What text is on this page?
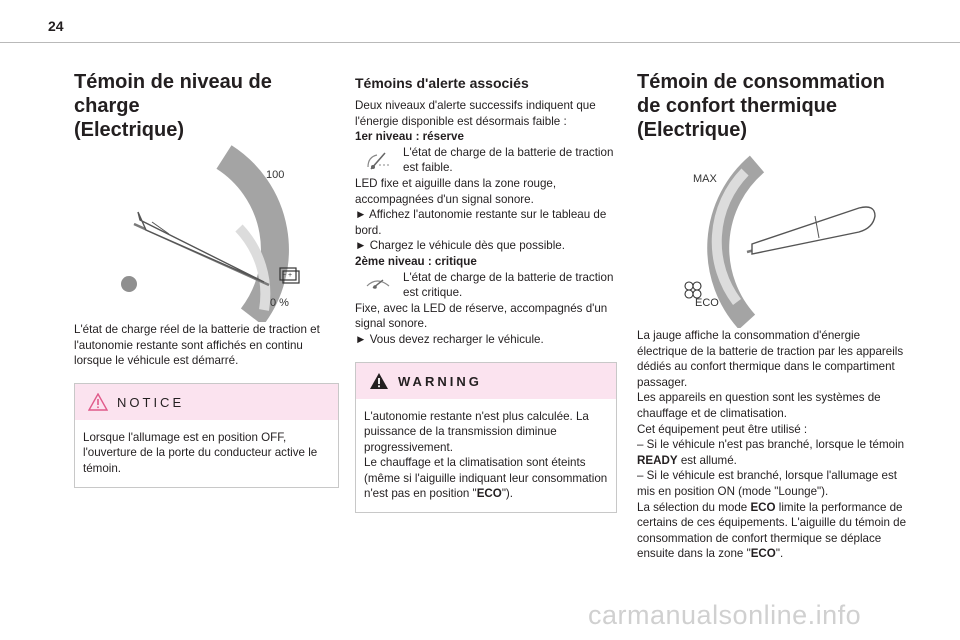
24
Témoin de niveau de charge
(Electrique)
100
0 %
− +

L'état de charge réel de la batterie de traction et l'autonomie restante sont affichés en continu lorsque le véhicule est démarré.

NOTICE
Lorsque l'allumage est en position OFF, l'ouverture de la porte du conducteur active le témoin.
Témoins d'alerte associés

Deux niveaux d'alerte successifs indiquent que l'énergie disponible est désormais faible :

1er niveau : réserve
L'état de charge de la batterie de traction est faible.

LED fixe et aiguille dans la zone rouge, accompagnées d'un signal sonore.

► Affichez l'autonomie restante sur le tableau de bord.

► Chargez le véhicule dès que possible.

2ème niveau : critique
L'état de charge de la batterie de traction est critique.

Fixe, avec la LED de réserve, accompagnés d'un signal sonore.

► Vous devez recharger le véhicule.

WARNING
L'autonomie restante n'est plus calculée. La puissance de la transmission diminue progressivement.
Le chauffage et la climatisation sont éteints (même si l'aiguille indiquant leur consommation n'est pas en position "ECO").
Témoin de consommation
de confort thermique
(Electrique)
MAX
ECO

La jauge affiche la consommation d'énergie électrique de la batterie de traction par les appareils dédiés au confort thermique dans le compartiment passager.

Les appareils en question sont les systèmes de chauffage et de climatisation.

Cet équipement peut être utilisé :

– Si le véhicule n'est pas branché, lorsque le témoin READY est allumé.

– Si le véhicule est branché, lorsque l'allumage est mis en position ON (mode "Lounge").

La sélection du mode ECO limite la performance de certains de ces équipements. L'aiguille du témoin de consommation de confort thermique se déplace ensuite dans la zone "ECO".

carmanualsonline.info
